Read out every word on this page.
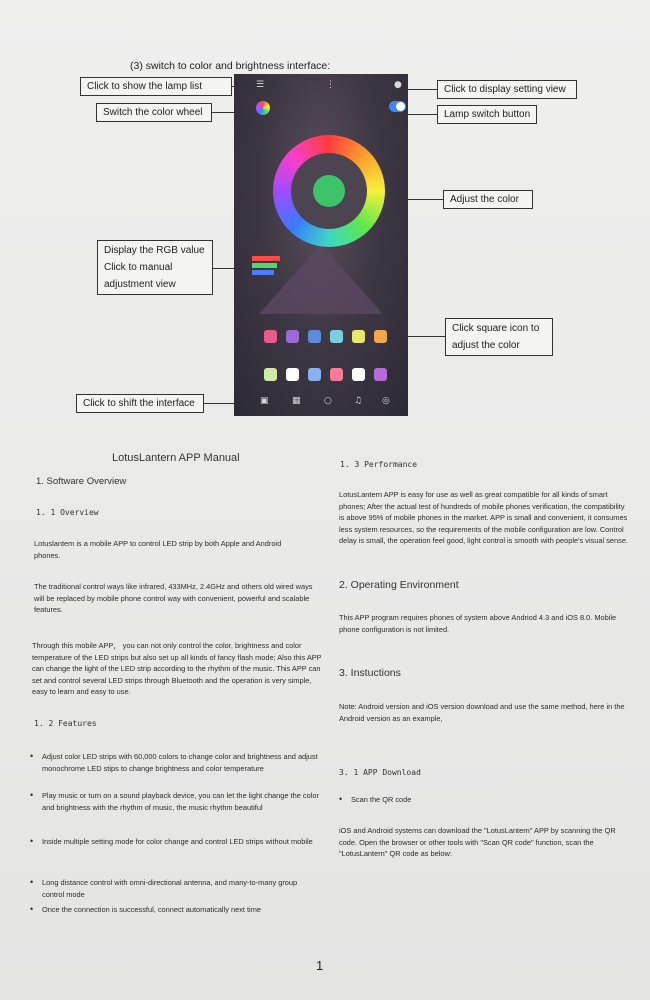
(3) switch to color and brightness interface:
Click to show the lamp list
Switch the color wheel
Display the RGB value
Click to manual
adjustment view
Click to shift the interface
Click to display setting view
Lamp switch button
Adjust the color
Click square icon to
adjust the color
☰	⋮	●
▣	▦	○ ♫ ◎
LotusLantern APP Manual
1. Software Overview
1. 1 Overview
Lotuslantem is a mobile APP to control LED strip by both Apple and Android phones.
The traditional control ways like infrared, 433MHz, 2.4GHz and others old wired ways will be replaced by mobile phone control way with convenient, powerful and scalable features.
Through this mobile APP， you can not only control the color, brightness and color temperature of the LED strips but also set up all kinds of fancy flash mode; Also this APP can change the light of the LED strip according to the rhythm of the music. This APP can set and control several LED strips through Bluetooth and the operation is very simple, easy to learn and easy to use.
1. 2 Features
• Adjust color LED strips with 60,000 colors to change color and brightness and adjust monochrome LED stips to change brightness and color temperature
• Play music or turn on a sound playback device, you can let the light change the color and brightness with the rhythm of music, the music rhythm beautiful
• Inside multiple setting mode for color change and control LED strips without mobile
• Long distance control with omni-directional antenna, and many-to-many group control mode
• Once the connection is successful, connect automatically next time
1. 3 Performance
LotusLantern APP is easy for use as well as great compatible for all kinds of smart phones; After the actual test of hundreds of mobile phones verification, the compatibility is above 95% of mobile phones in the market. APP is small and convenient, it consumes less system resources, so the requirements of the mobile configuration are low. Control delay is small, the operation feel good, light control is smooth with people's visual sense.
2. Operating Environment
This APP program requires phones of system above Andriod 4.3 and iOS 8.0. Mobile phone configuration is not limited.
3. Instuctions
Note: Android version and iOS version download and use the same method, here in the Android version as an example,
3. 1 APP Download
• Scan the QR code
iOS and Android systems can download the "LotusLantern" APP by scanning the QR code. Open the browser or other tools with "Scan QR code" function, scan the "LotusLantern" QR code as below:
1
